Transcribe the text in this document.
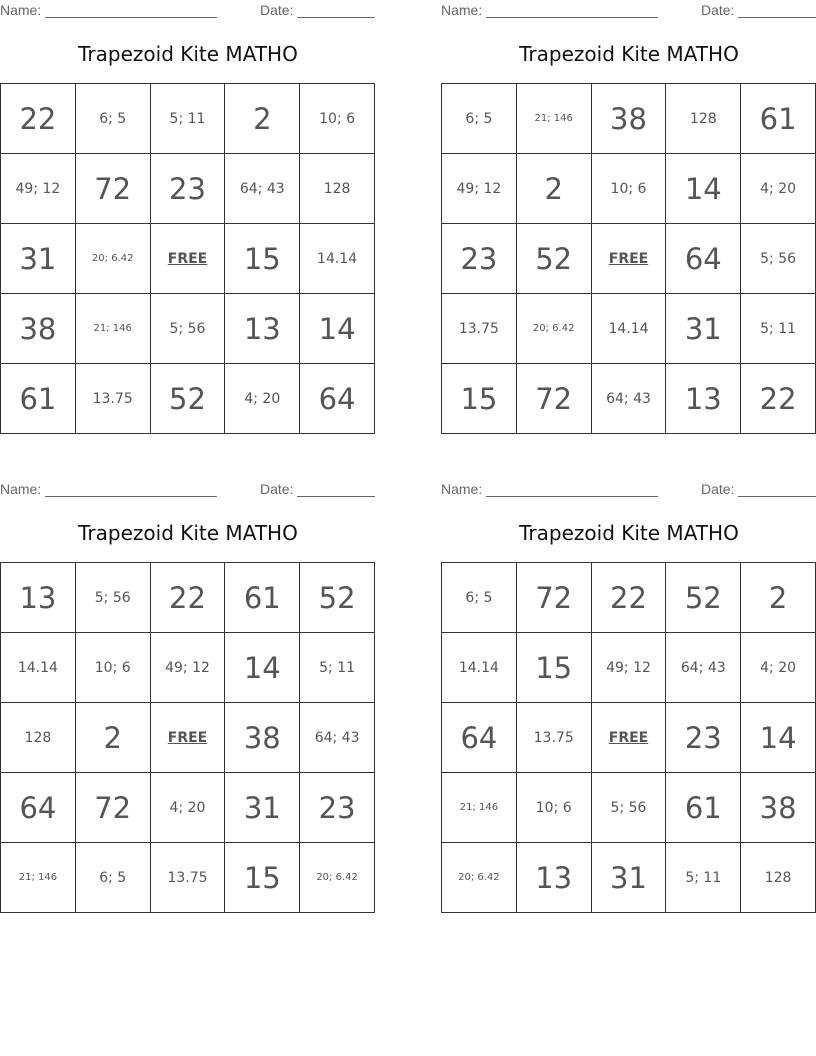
Name:	Date:
Trapezoid Kite MATHO
22	6; 5	5; 11	2	10; 6
49; 12	72	23	64; 43	128
31	20; 6.42	FREE	15	14.14
38	21; 146	5; 56	13	14
61	13.75	52	4; 20	64
Name:	Date:
Trapezoid Kite MATHO
6; 5	21; 146	38	128	61
49; 12	2	10; 6	14	4; 20
23	52	FREE	64	5; 56
13.75	20; 6.42	14.14	31	5; 11
15	72	64; 43	13	22
Name:	Date:
Trapezoid Kite MATHO
13	5; 56	22	61	52
14.14	10; 6	49; 12	14	5; 11
128	2	FREE	38	64; 43
64	72	4; 20	31	23
21; 146	6; 5	13.75	15	20; 6.42
Name:	Date:
Trapezoid Kite MATHO
6; 5	72	22	52	2
14.14	15	49; 12	64; 43	4; 20
64	13.75	FREE	23	14
21; 146	10; 6	5; 56	61	38
20; 6.42	13	31	5; 11	128
